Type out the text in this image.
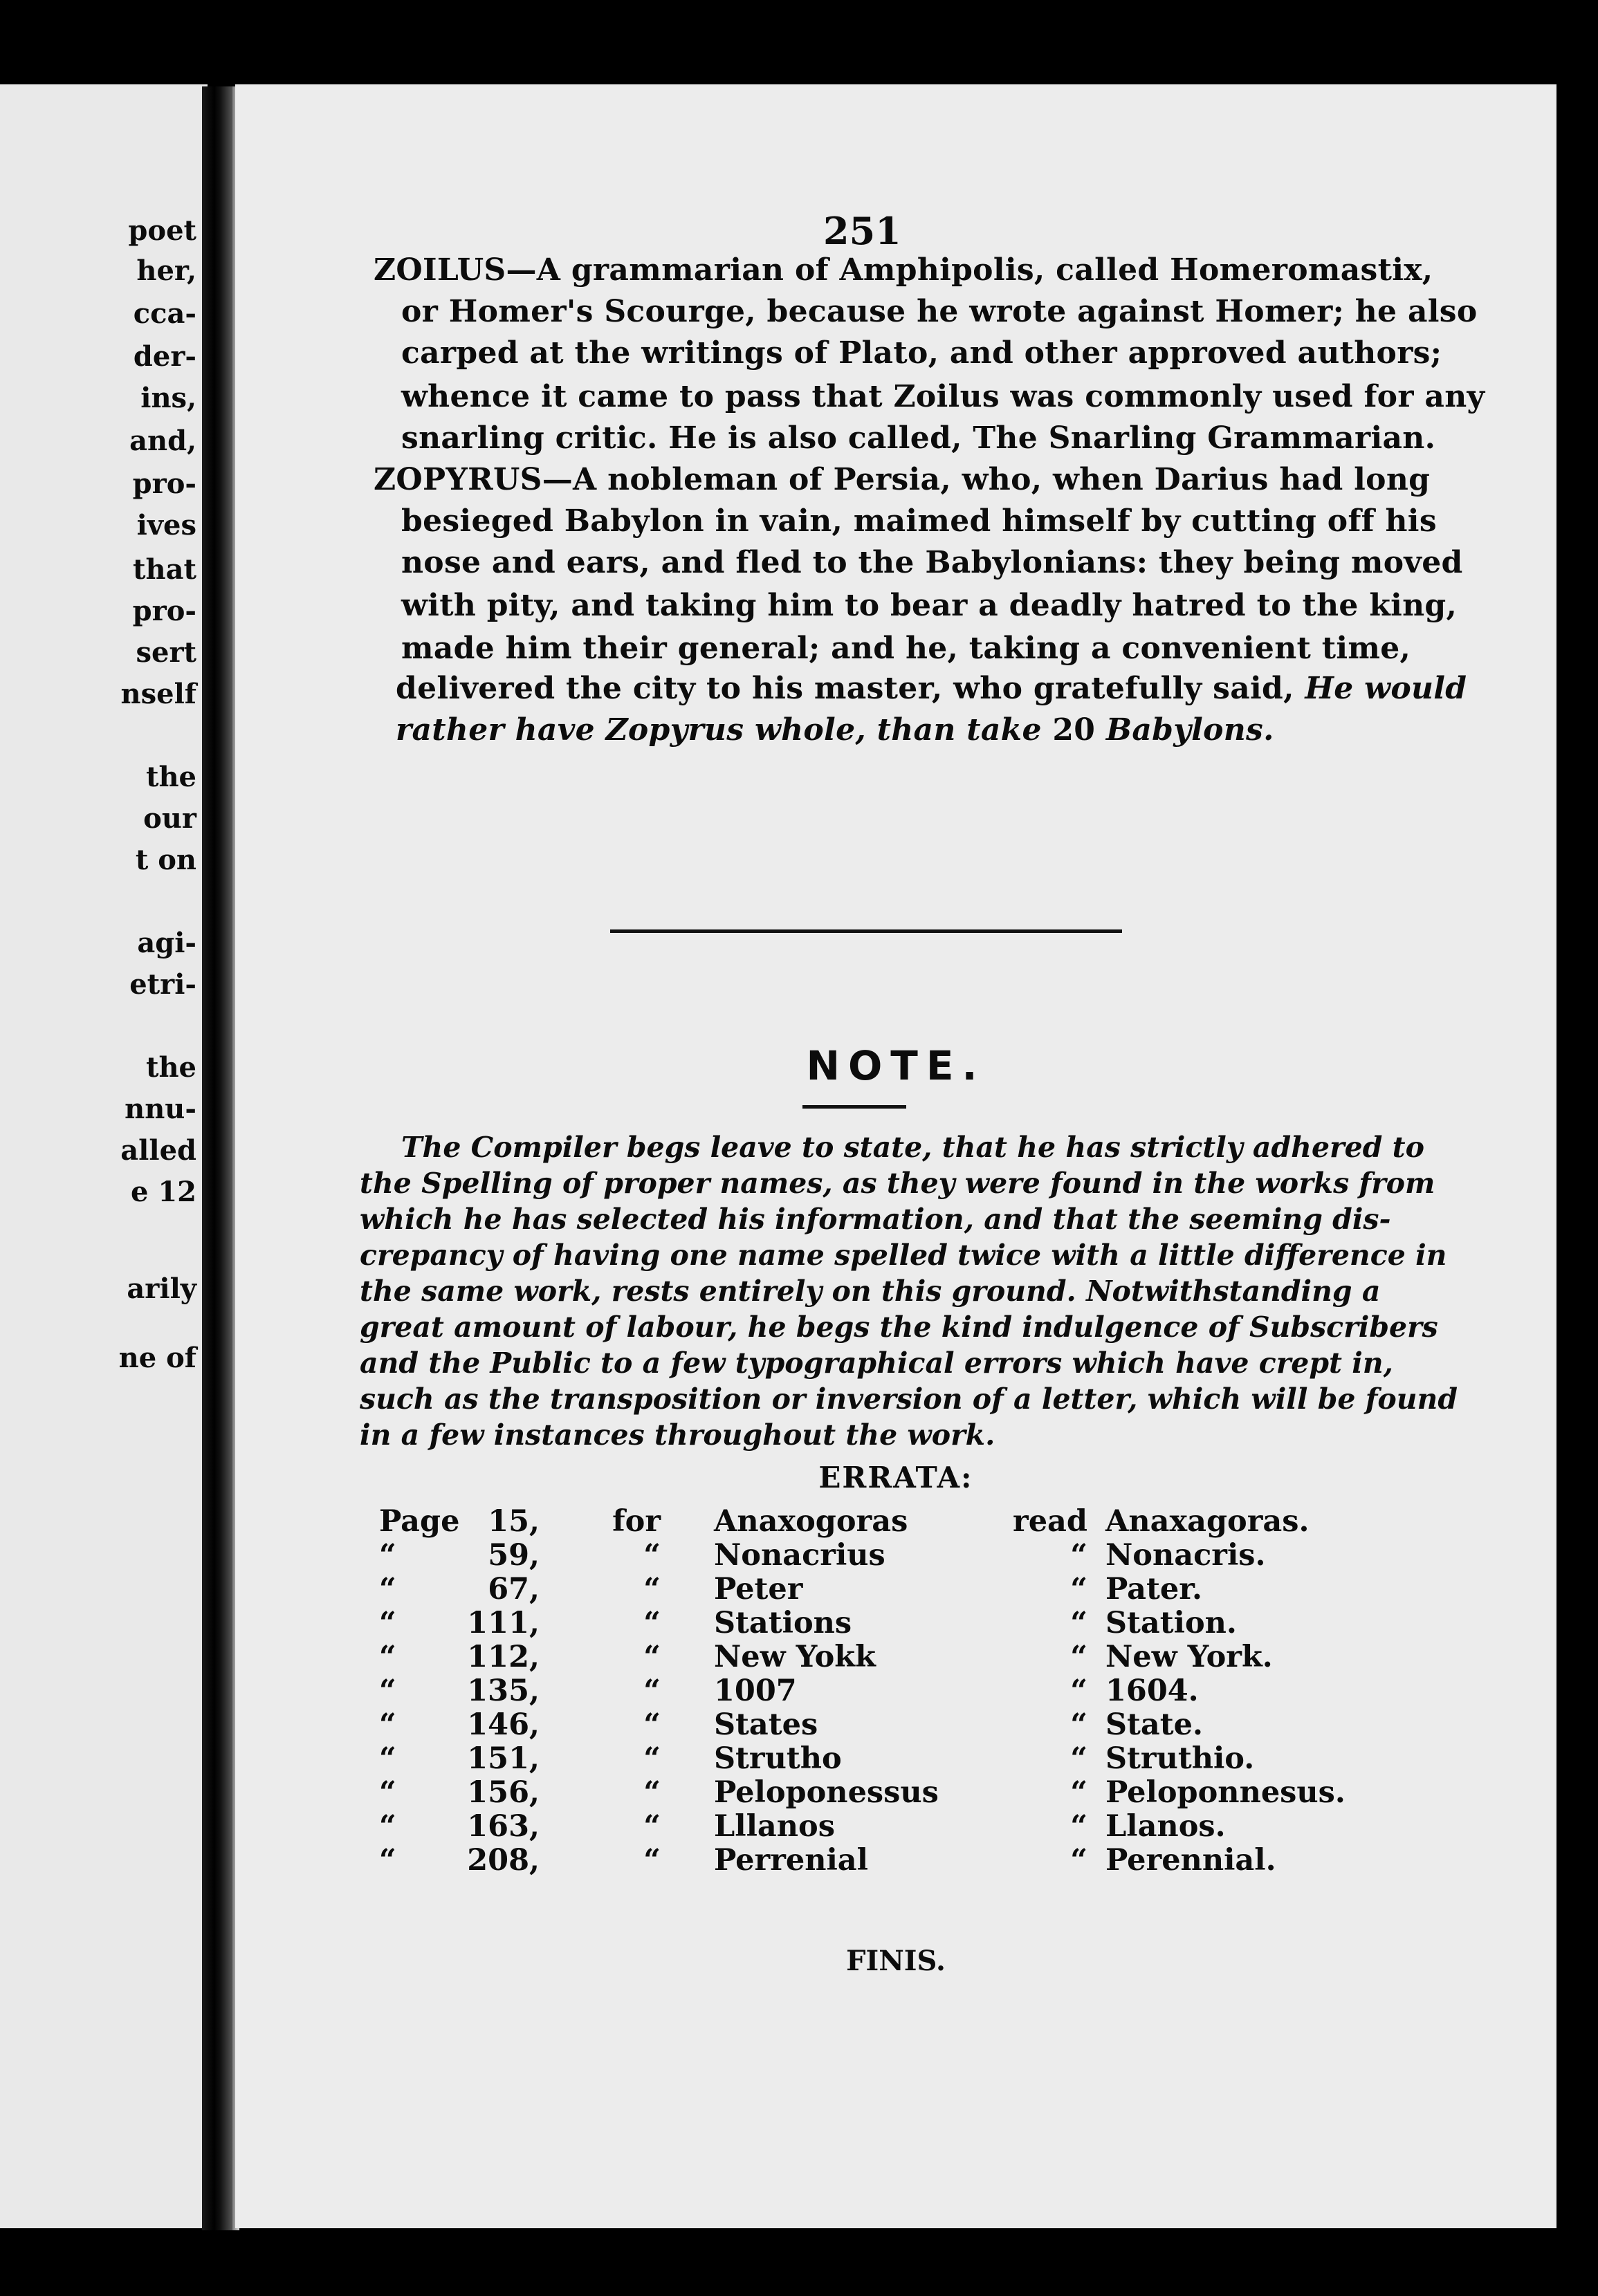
poet
her,
cca-
der-
ins,
and,
pro-
ives
that
pro-
sert
nself
the
our
t on
agi-
etri-
the
nnu-
alled
e 12
arily
ne of
251
ZOILUS—A grammarian of Amphipolis, called Homeromastix,
or Homer's Scourge, because he wrote against Homer; he also
carped at the writings of Plato, and other approved authors;
whence it came to pass that Zoilus was commonly used for any
snarling critic. He is also called, The Snarling Grammarian.
ZOPYRUS—A nobleman of Persia, who, when Darius had long
besieged Babylon in vain, maimed himself by cutting off his
nose and ears, and fled to the Babylonians: they being moved
with pity, and taking him to bear a deadly hatred to the king,
made him their general; and he, taking a convenient time,
delivered the city to his master, who gratefully said, He would
rather have Zopyrus whole, than take 20 Babylons.
NOTE.
The Compiler begs leave to state, that he has strictly adhered to
the Spelling of proper names, as they were found in the works from
which he has selected his information, and that the seeming dis-
crepancy of having one name spelled twice with a little difference in
the same work, rests entirely on this ground. Notwithstanding a
great amount of labour, he begs the kind indulgence of Subscribers
and the Public to a few typographical errors which have crept in,
such as the transposition or inversion of a letter, which will be found
in a few instances throughout the work.
ERRATA:
Page 15, for Anaxogoras	read Anaxagoras.
“	59,	“ Nonacrius	“ Nonacris.
“	67,	“ Peter	“ Pater.
“ 111,	“ Stations	“ Station.
“ 112,	“ New Yokk	“ New York.
“ 135,	“ 1007	“ 1604.
“ 146,	“ States	“ State.
“ 151,	“ Strutho	“ Struthio.
“ 156,	“ Peloponessus	“ Peloponnesus.
“ 163,	“ Lllanos	“ Llanos.
“ 208,	“ Perrenial	“ Perennial.
FINIS.
